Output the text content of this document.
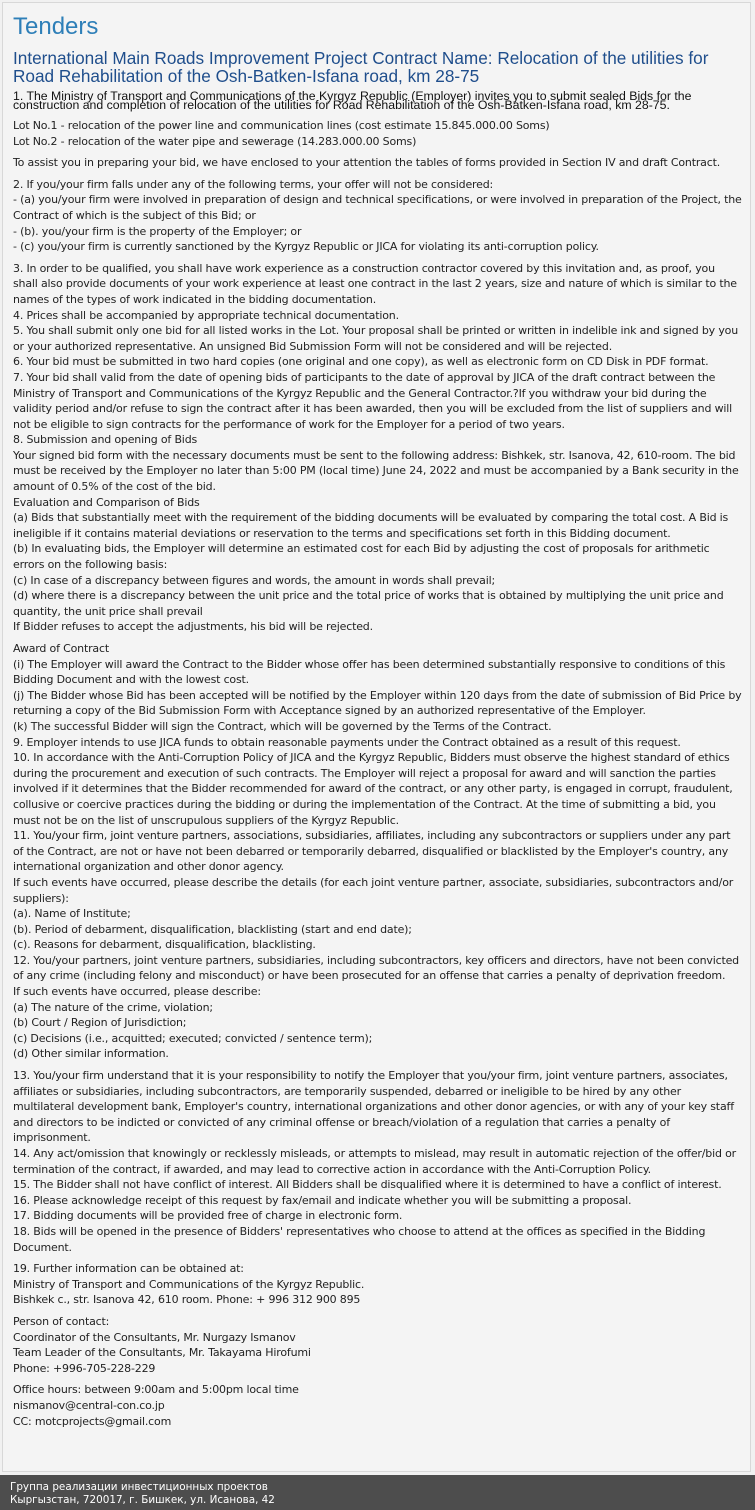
Tenders
International Main Roads Improvement Project Contract Name: Relocation of the utilities for Road Rehabilitation of the Osh-Batken-Isfana road, km 28-75

1. The Ministry of Transport and Communications of the Kyrgyz Republic (Employer) invites you to submit sealed Bids for the construction and completion of relocation of the utilities for Road Rehabilitation of the Osh-Batken-Isfana road, km 28-75.

Lot No.1 - relocation of the power line and communication lines (cost estimate 15.845.000.00 Soms)

Lot No.2 - relocation of the water pipe and sewerage (14.283.000.00 Soms)

To assist you in preparing your bid, we have enclosed to your attention the tables of forms provided in Section IV and draft Contract.

2. If you/your firm falls under any of the following terms, your offer will not be considered:

- (a) you/your firm were involved in preparation of design and technical specifications, or were involved in preparation of the Project, the Contract of which is the subject of this Bid; or

- (b). you/your firm is the property of the Employer; or

- (c) you/your firm is currently sanctioned by the Kyrgyz Republic or JICA for violating its anti-corruption policy.

3. In order to be qualified, you shall have work experience as a construction contractor covered by this invitation and, as proof, you shall also provide documents of your work experience at least one contract in the last 2 years, size and nature of which is similar to the names of the types of work indicated in the bidding documentation.

4. Prices shall be accompanied by appropriate technical documentation.

5. You shall submit only one bid for all listed works in the Lot. Your proposal shall be printed or written in indelible ink and signed by you or your authorized representative. An unsigned Bid Submission Form will not be considered and will be rejected.

6. Your bid must be submitted in two hard copies (one original and one copy), as well as electronic form on CD Disk in PDF format.

7. Your bid shall valid from the date of opening bids of participants to the date of approval by JICA of the draft contract between the Ministry of Transport and Communications of the Kyrgyz Republic and the General Contractor.?If you withdraw your bid during the validity period and/or refuse to sign the contract after it has been awarded, then you will be excluded from the list of suppliers and will not be eligible to sign contracts for the performance of work for the Employer for a period of two years.

8. Submission and opening of Bids

Your signed bid form with the necessary documents must be sent to the following address: Bishkek, str. Isanova, 42, 610-room. The bid must be received by the Employer no later than 5:00 PM (local time) June 24, 2022 and must be accompanied by a Bank security in the amount of 0.5% of the cost of the bid.

Evaluation and Comparison of Bids

(a) Bids that substantially meet with the requirement of the bidding documents will be evaluated by comparing the total cost. A Bid is ineligible if it contains material deviations or reservation to the terms and specifications set forth in this Bidding document.

(b) In evaluating bids, the Employer will determine an estimated cost for each Bid by adjusting the cost of proposals for arithmetic errors on the following basis:

(c) In case of a discrepancy between figures and words, the amount in words shall prevail;

(d) where there is a discrepancy between the unit price and the total price of works that is obtained by multiplying the unit price and quantity, the unit price shall prevail

If Bidder refuses to accept the adjustments, his bid will be rejected.

Award of Contract

(i) The Employer will award the Contract to the Bidder whose offer has been determined substantially responsive to conditions of this Bidding Document and with the lowest cost.

(j) The Bidder whose Bid has been accepted will be notified by the Employer within 120 days from the date of submission of Bid Price by returning a copy of the Bid Submission Form with Acceptance signed by an authorized representative of the Employer.

(k) The successful Bidder will sign the Contract, which will be governed by the Terms of the Contract.

9. Employer intends to use JICA funds to obtain reasonable payments under the Contract obtained as a result of this request.

10. In accordance with the Anti-Corruption Policy of JICA and the Kyrgyz Republic, Bidders must observe the highest standard of ethics during the procurement and execution of such contracts. The Employer will reject a proposal for award and will sanction the parties involved if it determines that the Bidder recommended for award of the contract, or any other party, is engaged in corrupt, fraudulent, collusive or coercive practices during the bidding or during the implementation of the Contract. At the time of submitting a bid, you must not be on the list of unscrupulous suppliers of the Kyrgyz Republic.

11. You/your firm, joint venture partners, associations, subsidiaries, affiliates, including any subcontractors or suppliers under any part of the Contract, are not or have not been debarred or temporarily debarred, disqualified or blacklisted by the Employer's country, any international organization and other donor agency.

If such events have occurred, please describe the details (for each joint venture partner, associate, subsidiaries, subcontractors and/or suppliers):

(a). Name of Institute;

(b). Period of debarment, disqualification, blacklisting (start and end date);

(c). Reasons for debarment, disqualification, blacklisting.

12. You/your partners, joint venture partners, subsidiaries, including subcontractors, key officers and directors, have not been convicted of any crime (including felony and misconduct) or have been prosecuted for an offense that carries a penalty of deprivation freedom.

If such events have occurred, please describe:

(a) The nature of the crime, violation;

(b) Court / Region of Jurisdiction;

(c) Decisions (i.e., acquitted; executed; convicted / sentence term);

(d) Other similar information.

13. You/your firm understand that it is your responsibility to notify the Employer that you/your firm, joint venture partners, associates, affiliates or subsidiaries, including subcontractors, are temporarily suspended, debarred or ineligible to be hired by any other multilateral development bank, Employer's country, international organizations and other donor agencies, or with any of your key staff and directors to be indicted or convicted of any criminal offense or breach/violation of a regulation that carries a penalty of imprisonment.

14. Any act/omission that knowingly or recklessly misleads, or attempts to mislead, may result in automatic rejection of the offer/bid or termination of the contract, if awarded, and may lead to corrective action in accordance with the Anti-Corruption Policy.

15. The Bidder shall not have conflict of interest. All Bidders shall be disqualified where it is determined to have a conflict of interest.

16. Please acknowledge receipt of this request by fax/email and indicate whether you will be submitting a proposal.

17. Bidding documents will be provided free of charge in electronic form.

18. Bids will be opened in the presence of Bidders' representatives who choose to attend at the offices as specified in the Bidding Document.

19. Further information can be obtained at:

Ministry of Transport and Communications of the Kyrgyz Republic.

Bishkek c., str. Isanova 42, 610 room. Phone: + 996 312 900 895

Person of contact:

Coordinator of the Consultants, Mr. Nurgazy Ismanov

Team Leader of the Consultants, Mr. Takayama Hirofumi

Phone: +996-705-228-229

Office hours: between 9:00am and 5:00pm local time

nismanov@central-con.co.jp

CC: motcprojects@gmail.com

Группа реализации инвестиционных проектов
Кыргызстан, 720017, г. Бишкек, ул. Исанова, 42
